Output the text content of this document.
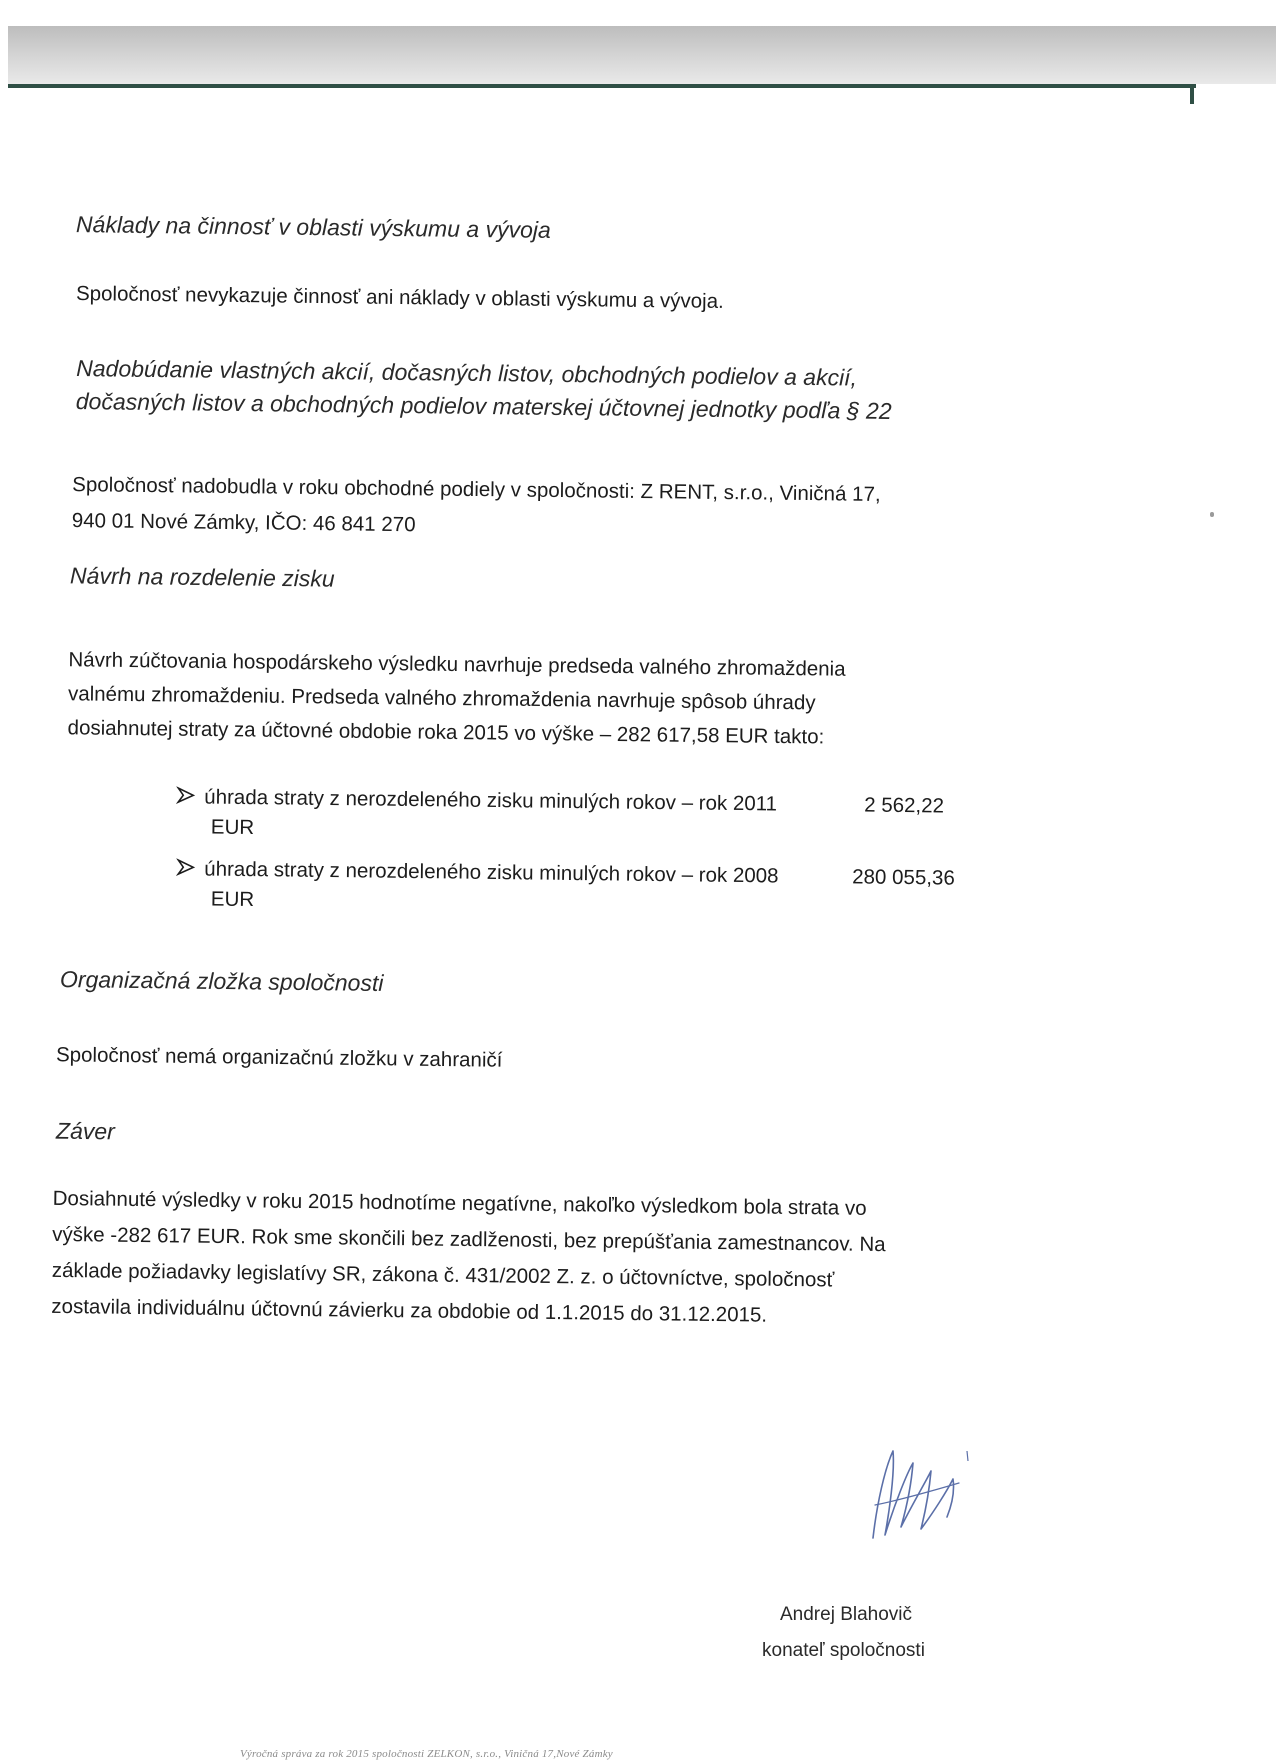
Náklady na činnosť v oblasti výskumu a vývoja

Spoločnosť nevykazuje činnosť ani náklady v oblasti výskumu a vývoja.

Nadobúdanie vlastných akcií, dočasných listov, obchodných podielov a akcií,
dočasných listov a obchodných podielov materskej účtovnej jednotky podľa § 22

Spoločnosť nadobudla v roku obchodné podiely v spoločnosti: Z RENT, s.r.o., Viničná 17,
940 01 Nové Zámky, IČO: 46 841 270

Návrh na rozdelenie zisku

Návrh zúčtovania hospodárskeho výsledku navrhuje predseda valného zhromaždenia
valnému zhromaždeniu. Predseda valného zhromaždenia navrhuje spôsob úhrady
dosiahnutej straty za účtovné obdobie roka 2015 vo výške – 282 617,58 EUR takto:

úhrada straty z nerozdeleného zisku minulých rokov – rok 2011	2 562,22
EUR
úhrada straty z nerozdeleného zisku minulých rokov – rok 2008	280 055,36
EUR
Organizačná zložka spoločnosti

Spoločnosť nemá organizačnú zložku v zahraničí

Záver

Dosiahnuté výsledky v roku 2015 hodnotíme negatívne, nakoľko výsledkom bola strata vo
výške -282 617 EUR. Rok sme skončili bez zadlženosti, bez prepúšťania zamestnancov. Na
základe požiadavky legislatívy SR, zákona č. 431/2002 Z. z. o účtovníctve, spoločnosť
zostavila individuálnu účtovnú závierku za obdobie od 1.1.2015 do 31.12.2015.

Andrej Blahovič
konateľ spoločnosti
Výročná správa za rok 2015 spoločnosti ZELKON, s.r.o., Viničná 17,Nové Zámky
